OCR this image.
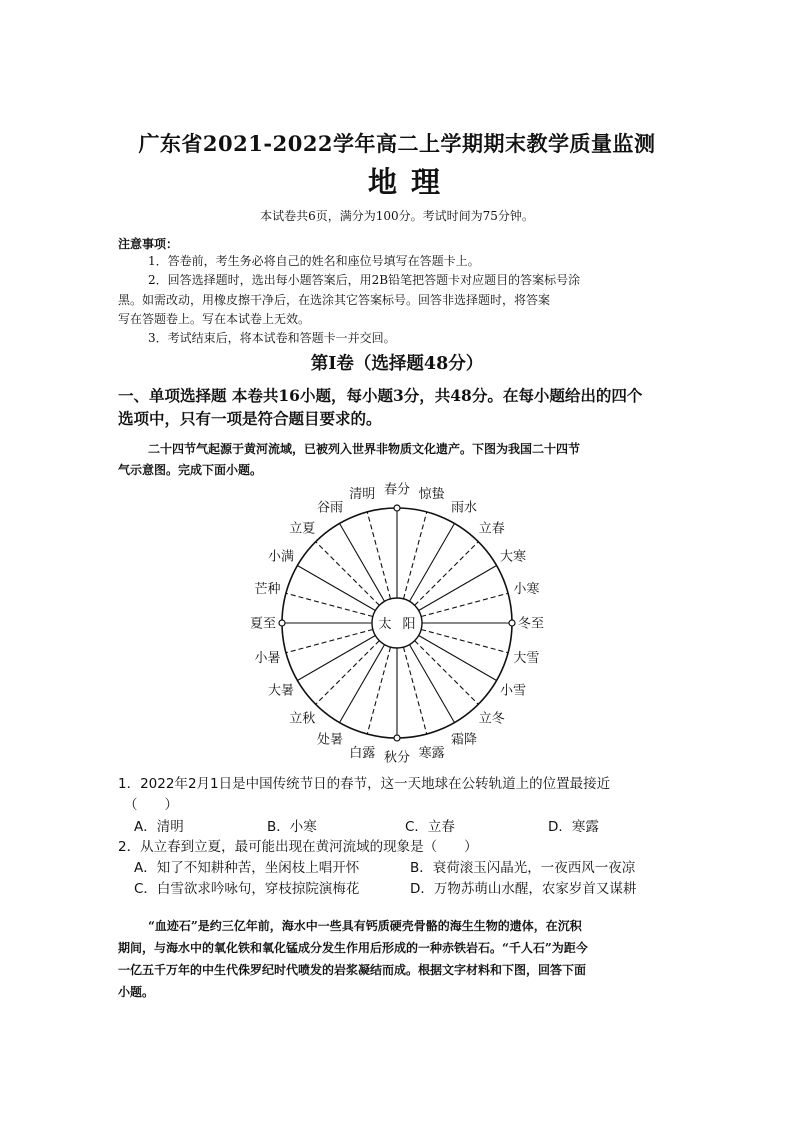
广东省2021-2022学年高二上学期期末教学质量监测
地理
本试卷共6页，满分为100分。考试时间为75分钟。
注意事项：
1．答卷前，考生务必将自己的姓名和座位号填写在答题卡上。
2．回答选择题时，选出每小题答案后，用2B铅笔把答题卡对应题目的答案标号涂
黑。如需改动，用橡皮擦干净后，在选涂其它答案标号。回答非选择题时，将答案
写在答题卷上。写在本试卷上无效。
3．考试结束后，将本试卷和答题卡一并交回。
第Ⅰ卷（选择题48分）
一、单项选择题 本卷共16小题，每小题3分，共48分。在每小题给出的四个
选项中，只有一项是符合题目要求的。
二十四节气起源于黄河流域，已被列入世界非物质文化遗产。下图为我国二十四节
气示意图。完成下面小题。
太 阳
春分 惊蛰
雨水
立春
大寒
小寒
冬至
大雪
小雪
立冬
霜降
寒露
秋分
白露
处暑
立秋
大暑
小暑
夏至
芒种
小满
立夏
谷雨
清明
1．2022年2月1日是中国传统节日的春节，这一天地球在公转轨道上的位置最接近
（　　）
A．清明	B．小寒	C．立春	D．寒露
2．从立春到立夏，最可能出现在黄河流域的现象是（　　）
A．知了不知耕种苦，坐闲枝上唱开怀	B．衰荷滚玉闪晶光，一夜西风一夜凉
C．白雪欲求吟咏句，穿枝掠院演梅花	D．万物苏萌山水醒，农家岁首又谋耕
“血迹石”是约三亿年前，海水中一些具有钙质硬壳骨骼的海生生物的遗体，在沉积
期间，与海水中的氧化铁和氧化锰成分发生作用后形成的一种赤铁岩石。“千人石”为距今
一亿五千万年的中生代侏罗纪时代喷发的岩浆凝结而成。根据文字材料和下图，回答下面
小题。
